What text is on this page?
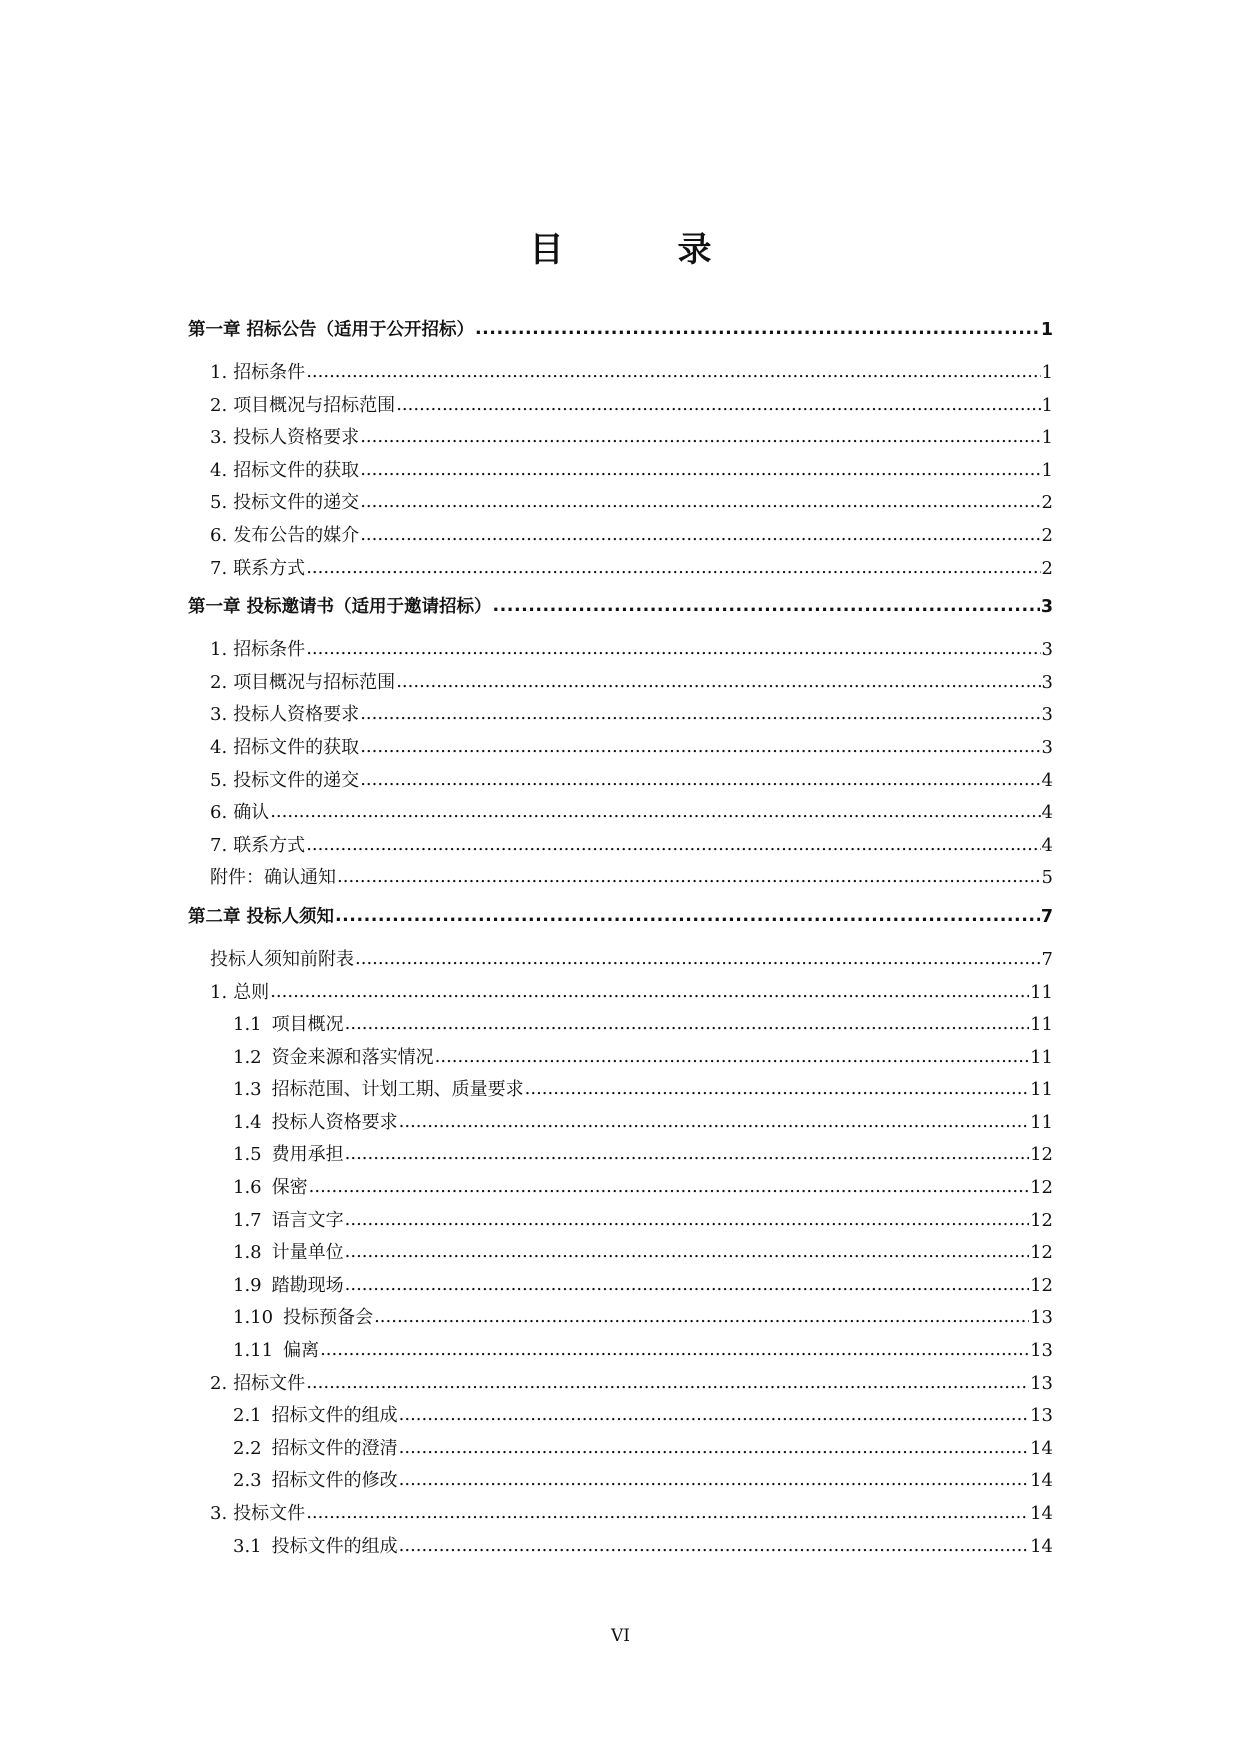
目　录
第一章 招标公告（适用于公开招标） .....	1
1. 招标条件 .....	1
2. 项目概况与招标范围 .....	1
3. 投标人资格要求 .....	1
4. 招标文件的获取 .....	1
5. 投标文件的递交 .....	2
6. 发布公告的媒介 .....	2
7. 联系方式 .....	2
第一章 投标邀请书（适用于邀请招标） .....	3
1. 招标条件 .....	3
2. 项目概况与招标范围 .....	3
3. 投标人资格要求 .....	3
4. 招标文件的获取 .....	3
5. 投标文件的递交 .....	4
6. 确认 .....	4
7. 联系方式 .....	4
附件：确认通知 .....	5
第二章 投标人须知 .....	7
投标人须知前附表 .....	7
1. 总则 .....	11
1.1 项目概况 .....	11
1.2 资金来源和落实情况 .....	11
1.3 招标范围、计划工期、质量要求 .....	11
1.4 投标人资格要求 .....	11
1.5 费用承担 .....	12
1.6 保密 .....	12
1.7 语言文字 .....	12
1.8 计量单位 .....	12
1.9 踏勘现场 .....	12
1.10 投标预备会 .....	13
1.11 偏离 .....	13
2. 招标文件 .....	13
2.1 招标文件的组成 .....	13
2.2 招标文件的澄清 .....	14
2.3 招标文件的修改 .....	14
3. 投标文件 .....	14
3.1 投标文件的组成 .....	14
VI
